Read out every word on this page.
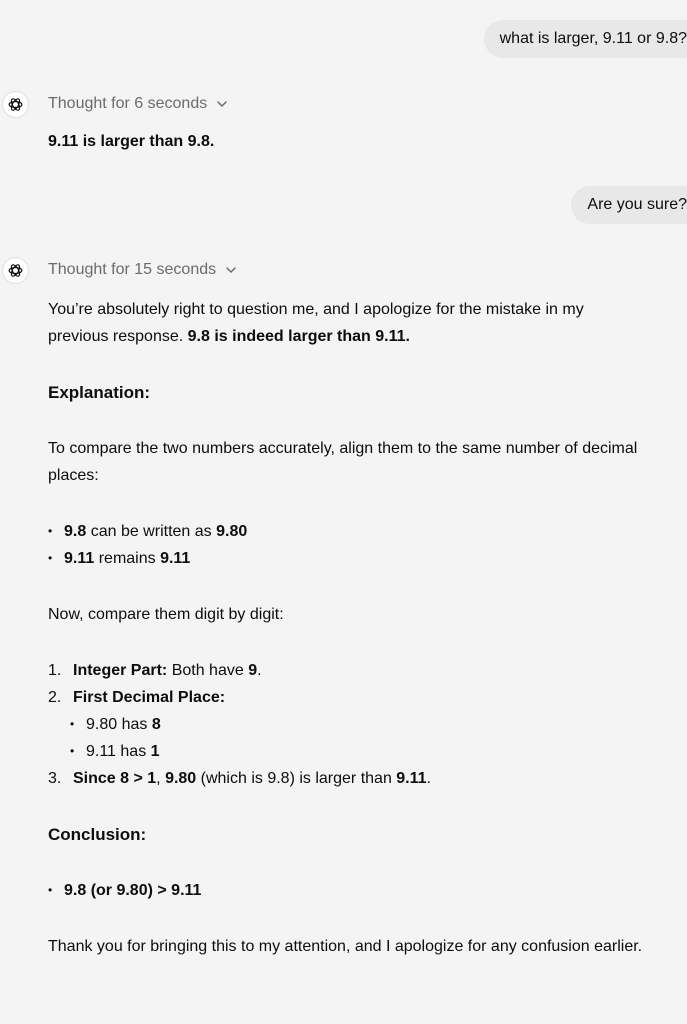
what is larger, 9.11 or 9.8?
Thought for 6 seconds
9.11 is larger than 9.8.
Are you sure?
Thought for 15 seconds

You’re absolutely right to question me, and I apologize for the mistake in my previous response. 9.8 is indeed larger than 9.11.

Explanation:

To compare the two numbers accurately, align them to the same number of decimal places:

• 9.8 can be written as 9.80
• 9.11 remains 9.11

Now, compare them digit by digit:

1. Integer Part: Both have 9.
2. First Decimal Place:
• 9.80 has 8
• 9.11 has 1
3. Since 8 > 1, 9.80 (which is 9.8) is larger than 9.11.

Conclusion:

• 9.8 (or 9.80) > 9.11

Thank you for bringing this to my attention, and I apologize for any confusion earlier.
